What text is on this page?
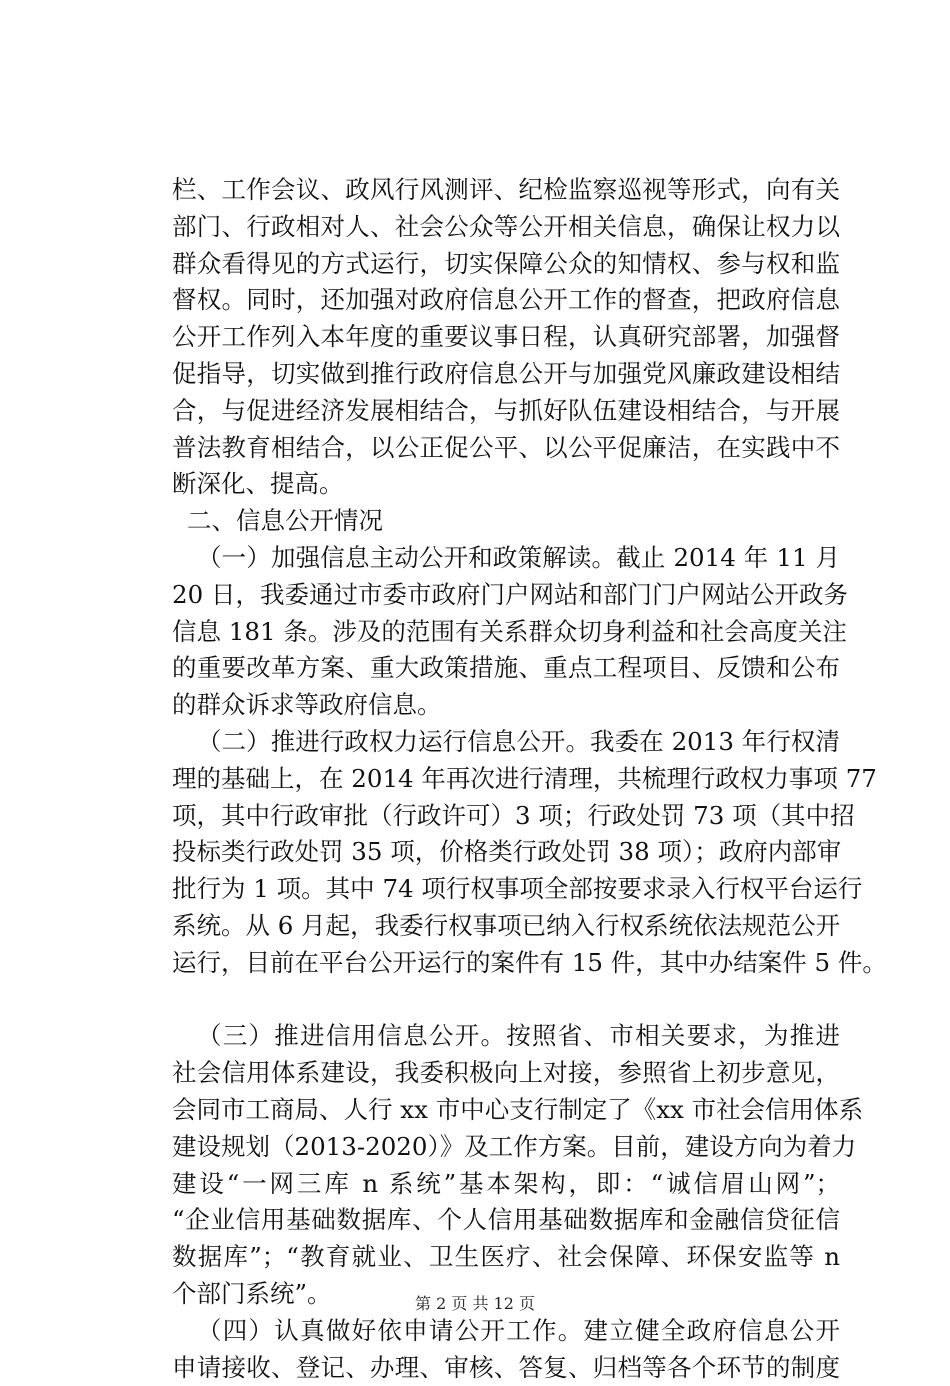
栏、工作会议、政风行风测评、纪检监察巡视等形式，向有关
部门、行政相对人、社会公众等公开相关信息，确保让权力以
群众看得见的方式运行，切实保障公众的知情权、参与权和监
督权。同时，还加强对政府信息公开工作的督查，把政府信息
公开工作列入本年度的重要议事日程，认真研究部署，加强督
促指导，切实做到推行政府信息公开与加强党风廉政建设相结
合，与促进经济发展相结合，与抓好队伍建设相结合，与开展
普法教育相结合，以公正促公平、以公平促廉洁，在实践中不
断深化、提高。
二、信息公开情况
（一）加强信息主动公开和政策解读。截止 2014 年 11 月
20 日，我委通过市委市政府门户网站和部门门户网站公开政务
信息 181 条。涉及的范围有关系群众切身利益和社会高度关注
的重要改革方案、重大政策措施、重点工程项目、反馈和公布
的群众诉求等政府信息。
（二）推进行政权力运行信息公开。我委在 2013 年行权清
理的基础上，在 2014 年再次进行清理，共梳理行政权力事项 77
项，其中行政审批（行政许可）3 项；行政处罚 73 项（其中招
投标类行政处罚 35 项，价格类行政处罚 38 项）；政府内部审
批行为 1 项。其中 74 项行权事项全部按要求录入行权平台运行
系统。从 6 月起，我委行权事项已纳入行权系统依法规范公开
运行，目前在平台公开运行的案件有 15 件，其中办结案件 5 件。
（三）推进信用信息公开。按照省、市相关要求，为推进
社会信用体系建设，我委积极向上对接，参照省上初步意见，
会同市工商局、人行 xx 市中心支行制定了《xx 市社会信用体系
建设规划（2013-2020）》及工作方案。目前，建设方向为着力
建设“一网三库 n 系统”基本架构，即：“诚信眉山网”；
“企业信用基础数据库、个人信用基础数据库和金融信贷征信
数据库”；“教育就业、卫生医疗、社会保障、环保安监等 n
个部门系统”。
（四）认真做好依申请公开工作。建立健全政府信息公开
申请接收、登记、办理、审核、答复、归档等各个环节的制度
第 2 页 共 12 页
